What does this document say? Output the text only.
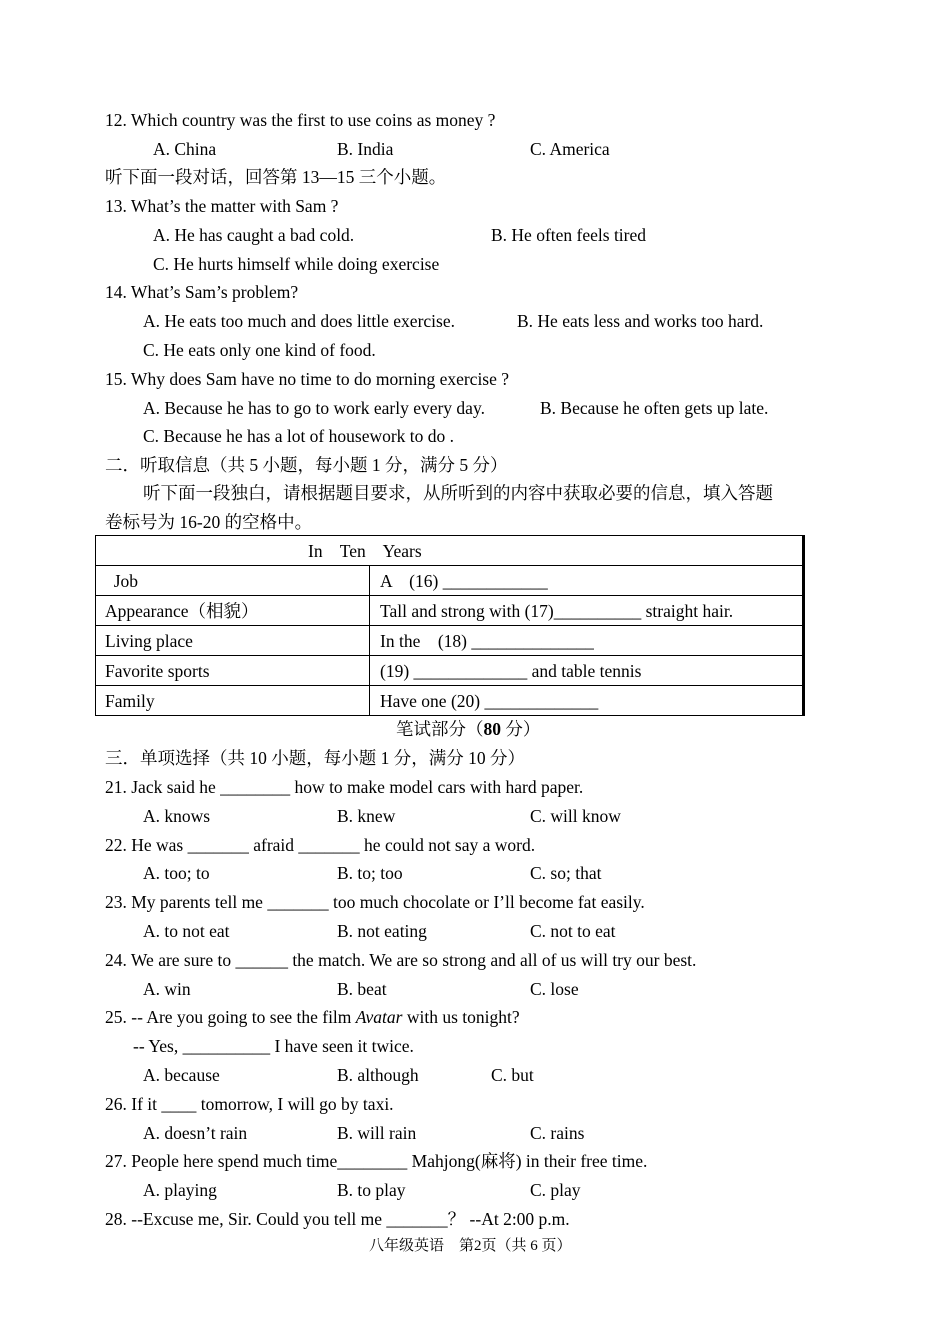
12. Which country was the first to use coins as money ?
A. China	B. India	C. America
听下面一段对话，回答第 13—15 三个小题。
13. What’s the matter with Sam ?
A. He has caught a bad cold.	B. He often feels tired
C. He hurts himself while doing exercise
14. What’s Sam’s problem?
A. He eats too much and does little exercise.	B. He eats less and works too hard.
C. He eats only one kind of food.
15. Why does Sam have no time to do morning exercise ?
A. Because he has to go to work early every day.	B. Because he often gets up late.
C. Because he has a lot of housework to do .
二．听取信息（共 5 小题，每小题 1 分，满分 5 分）
听下面一段独白，请根据题目要求，从所听到的内容中获取必要的信息，填入答题
卷标号为 16-20 的空格中。
In    Ten    Years
Job	A    (16) ____________
Appearance（相貌）	Tall and strong with (17)__________ straight hair.
Living place	In the    (18) ______________
Favorite sports	(19) _____________ and table tennis
Family	Have one (20) _____________
笔试部分（80 分）
三．单项选择（共 10 小题，每小题 1 分，满分 10 分）
21. Jack said he ________ how to make model cars with hard paper.
A. knows	B. knew	C. will know
22. He was _______ afraid _______ he could not say a word.
A. too; to	B. to; too	C. so; that
23. My parents tell me _______ too much chocolate or I’ll become fat easily.
A. to not eat	B. not eating	C. not to eat
24. We are sure to ______ the match. We are so strong and all of us will try our best.
A. win	B. beat	C. lose
25. -- Are you going to see the film Avatar with us tonight?
-- Yes, __________ I have seen it twice.
A. because	B. although	C. but
26. If it ____ tomorrow, I will go by taxi.
A. doesn’t rain	B. will rain	C. rains
27. People here spend much time________ Mahjong(麻将) in their free time.
A. playing	B. to play	C. play
28. --Excuse me, Sir. Could you tell me _______？ --At 2:00 p.m.
八年级英语    第2页（共 6 页）
